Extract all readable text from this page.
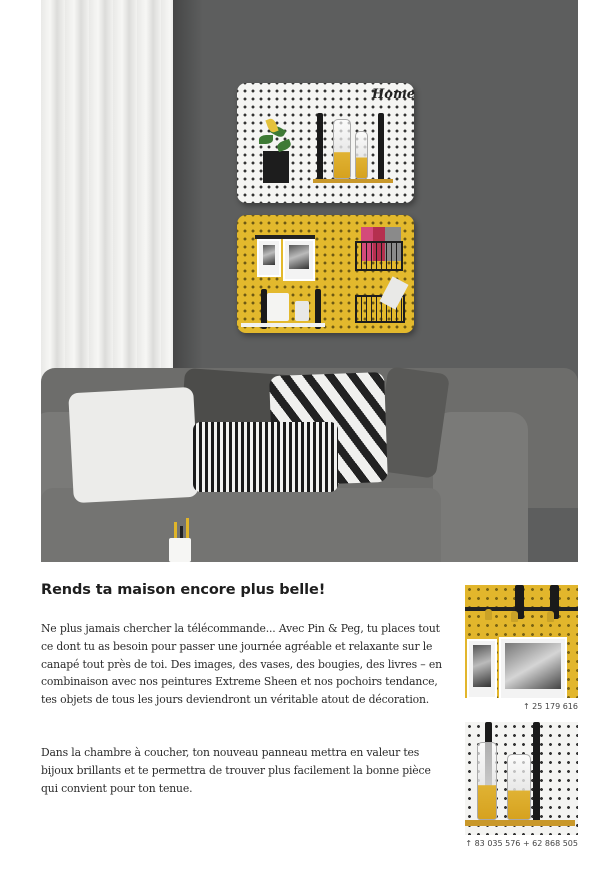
Home
Rends ta maison encore plus belle!

Ne plus jamais chercher la télécommande... Avec Pin & Peg, tu places tout ce dont tu as besoin pour passer une journée agréable et relaxante sur le canapé tout près de toi. Des images, des vases, des bougies, des livres – en combinaison avec nos peintures Extreme Sheen et nos pochoirs tendance, tes objets de tous les jours deviendront un véritable atout de décoration.

Dans la chambre à coucher, ton nouveau panneau mettra en valeur tes bijoux brillants et te permettra de trouver plus facilement la bonne pièce qui convient pour ton tenue.

↑ 25 179 616
↑ 83 035 576 + 62 868 505
